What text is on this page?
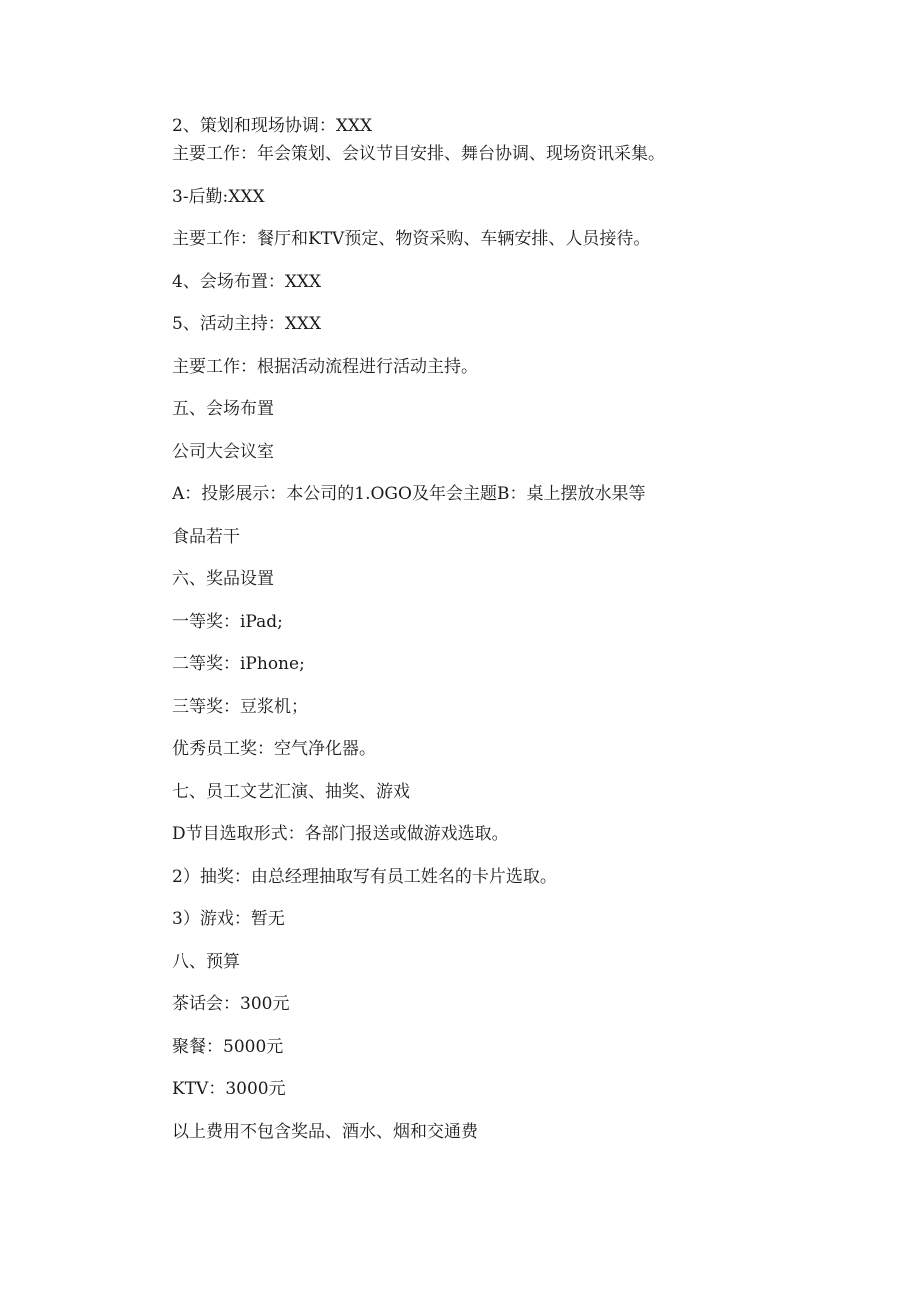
2、策划和现场协调：XXX
主要工作：年会策划、会议节目安排、舞台协调、现场资讯采集。
3-后勤:XXX
主要工作：餐厅和KTV预定、物资采购、车辆安排、人员接待。
4、会场布置：XXX
5、活动主持：XXX
主要工作：根据活动流程进行活动主持。
五、会场布置
公司大会议室
A：投影展示：本公司的1.OGO及年会主题B：桌上摆放水果等
食品若干
六、奖品设置
一等奖：iPad;
二等奖：iPhone;
三等奖：豆浆机；
优秀员工奖：空气净化器。
七、员工文艺汇演、抽奖、游戏
D节目选取形式：各部门报送或做游戏选取。
2）抽奖：由总经理抽取写有员工姓名的卡片选取。
3）游戏：暂无
八、预算
茶话会：300元
聚餐：5000元
KTV：3000元
以上费用不包含奖品、酒水、烟和交通费
